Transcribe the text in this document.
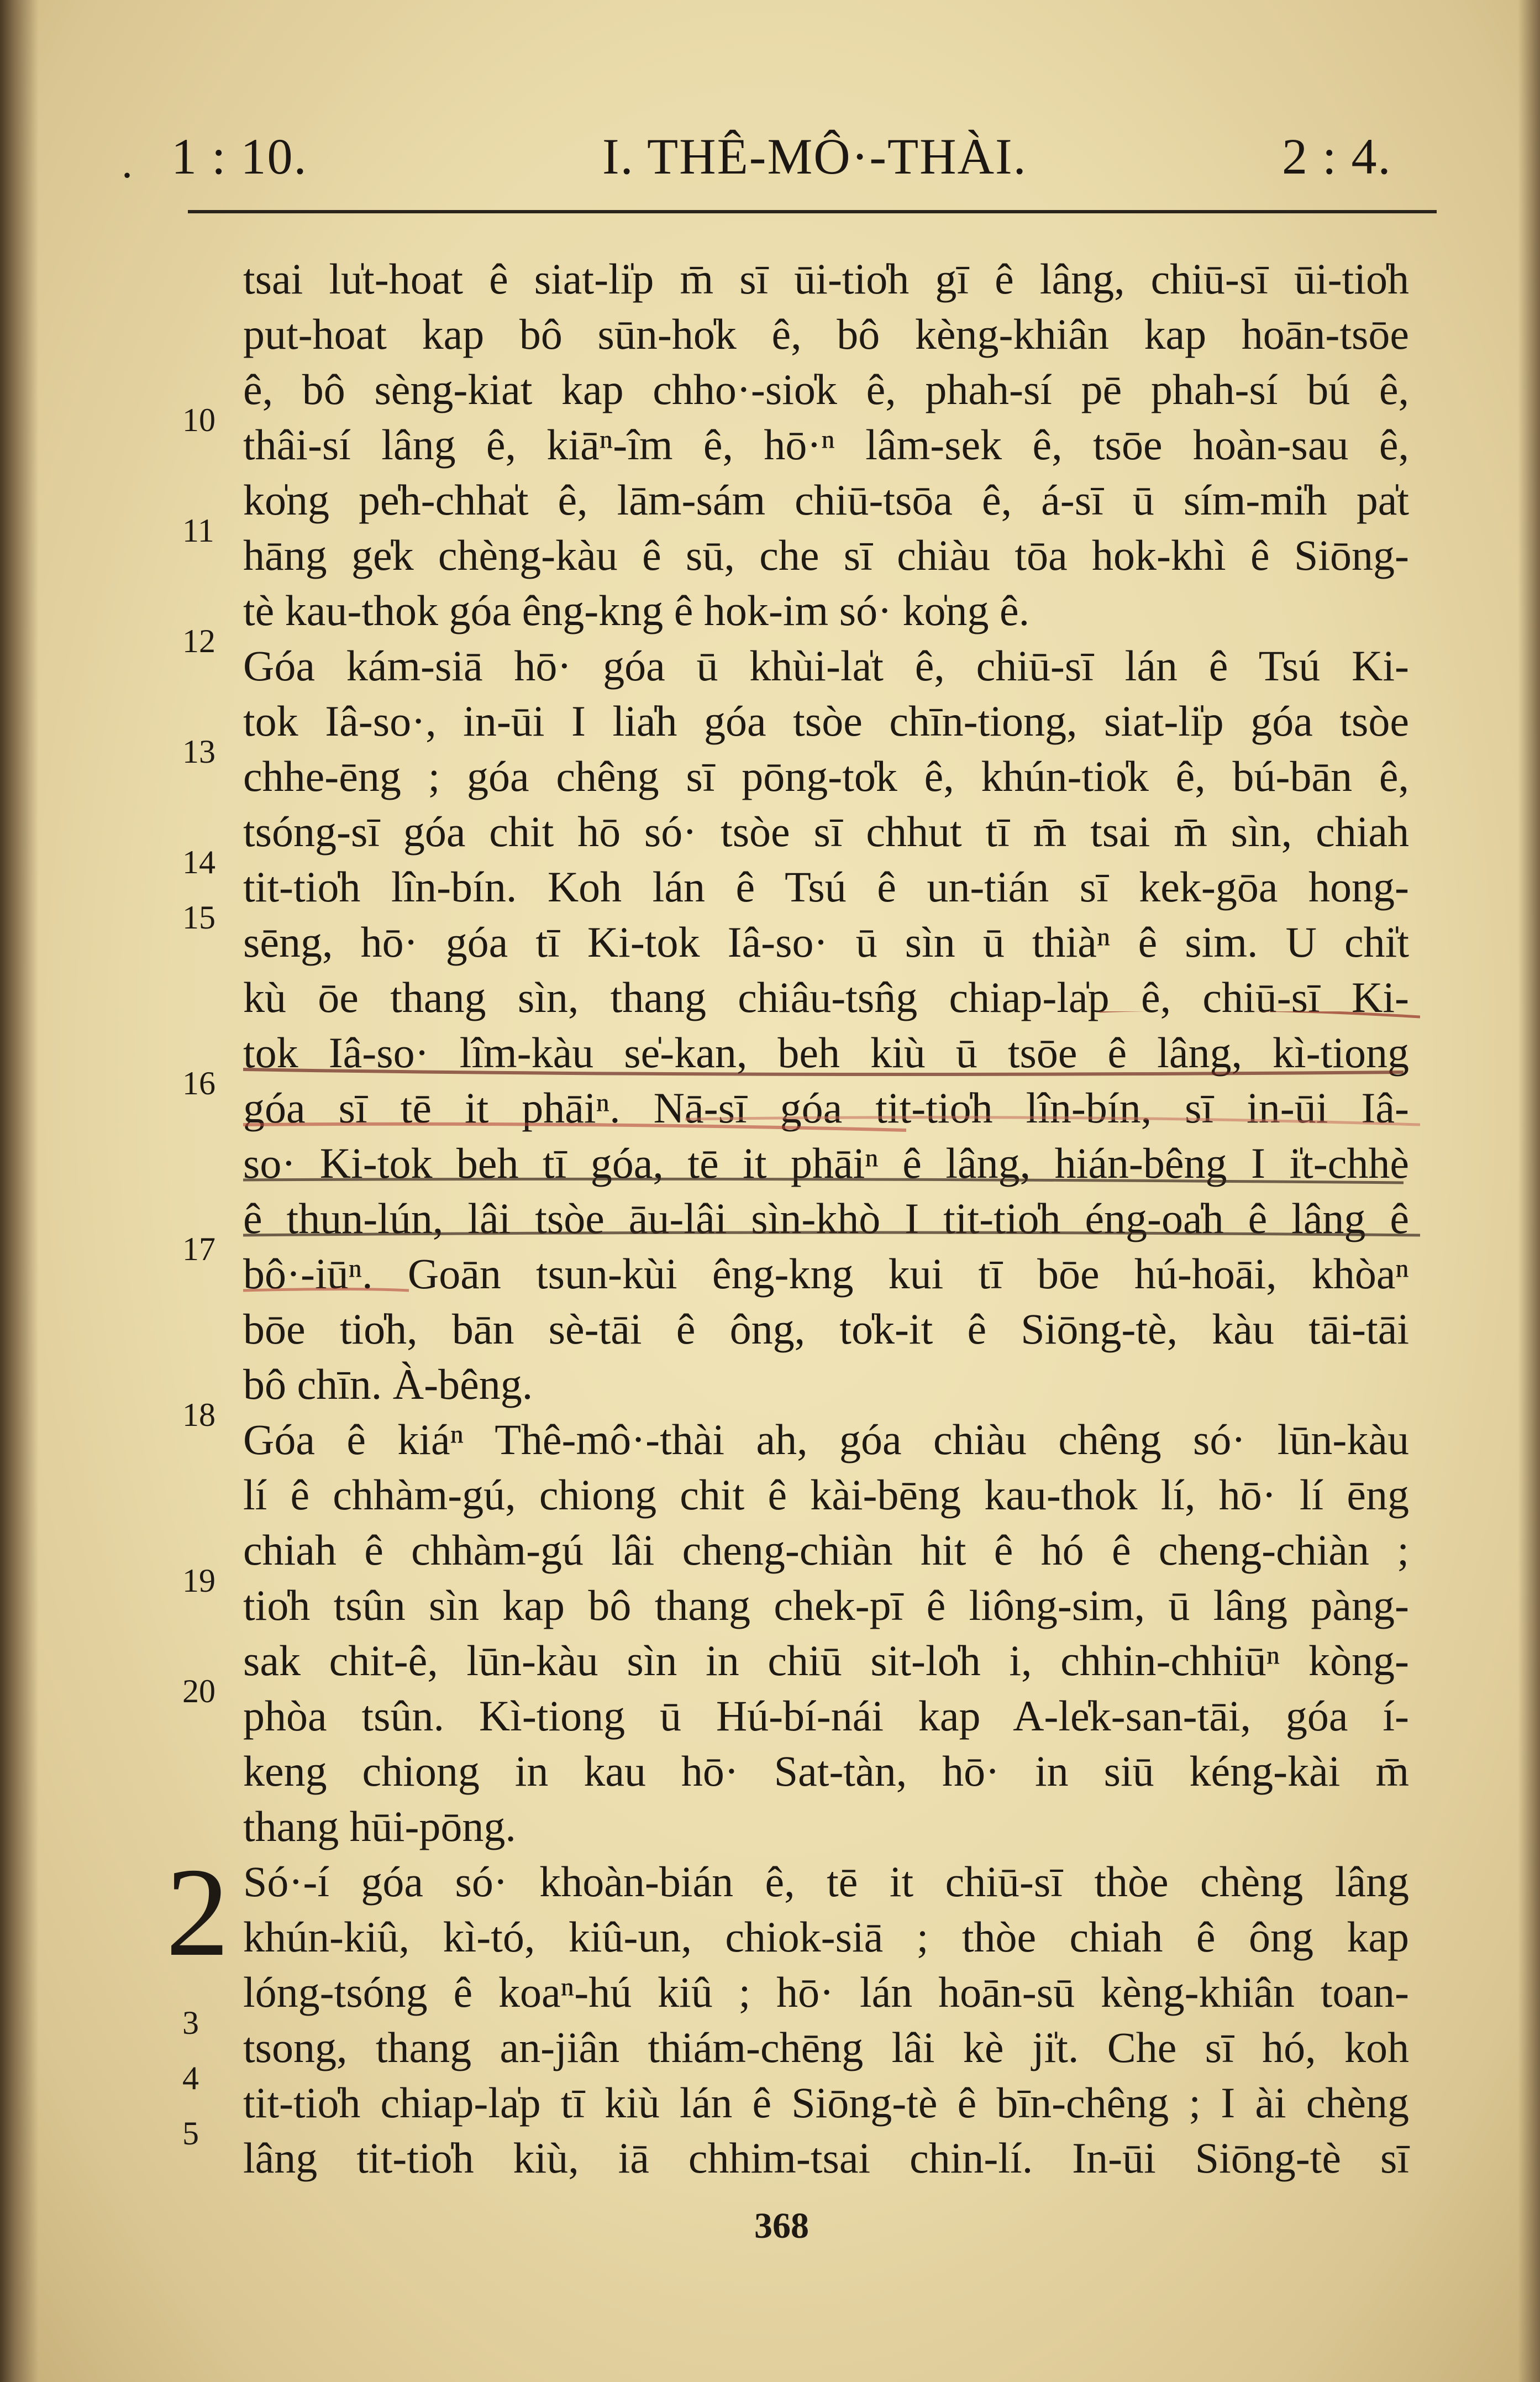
. 1 : 10.	I. THÊ-MÔ·-THÀI.	2 : 4.
tsai lu̍t-hoat ê siat-li̍p m̄ sī ūi-tio̍h gī ê lâng, chiū-sī ūi-tio̍h
put-hoat kap bô sūn-ho̍k ê, bô kèng-khiân kap hoān-tsōe
ê, bô sèng-kiat kap chho·-sio̍k ê, phah-sí pē phah-sí bú ê,
10
thâi-sí lâng ê, kiāⁿ-îm ê, hō·ⁿ lâm-sek ê, tsōe hoàn-sau ê,
ko̍ng pe̍h-chha̍t ê, lām-sám chiū-tsōa ê, á-sī ū sím-mi̍h pa̍t
11
hāng ge̍k chèng-kàu ê sū, che sī chiàu tōa hok-khì ê Siōng-
tè kau-thok góa êng-kng ê hok-im só· ko̍ng ê.
12
Góa kám-siā hō· góa ū khùi-la̍t ê, chiū-sī lán ê Tsú Ki-
tok Iâ-so·, in-ūi I lia̍h góa tsòe chīn-tiong, siat-li̍p góa tsòe
13
chhe-ēng ; góa chêng sī pōng-to̍k ê, khún-tio̍k ê, bú-bān ê,
tsóng-sī góa chit hō só· tsòe sī chhut tī m̄ tsai m̄ sìn, chiah
14
tit-tio̍h lîn-bín. Koh lán ê Tsú ê un-tián sī kek-gōa hong-
15
sēng, hō· góa tī Ki-tok Iâ-so· ū sìn ū thiàⁿ ê sim. U chi̍t
kù ōe thang sìn, thang chiâu-tsn̂g chiap-la̍p ê, chiū-sī Ki-
tok Iâ-so· lîm-kàu se̍-kan, beh kiù ū tsōe ê lâng, kì-tiong
16
góa sī tē it phāiⁿ. Nā-sī góa tit-tio̍h lîn-bín, sī in-ūi Iâ-
so· Ki-tok beh tī góa, tē it phāiⁿ ê lâng, hián-bêng I i̍t-chhè
ê thun-lún, lâi tsòe āu-lâi sìn-khò I tit-tio̍h éng-oa̍h ê lâng ê
17
bô·-iūⁿ. Goān tsun-kùi êng-kng kui tī bōe hú-hoāi, khòaⁿ
bōe tio̍h, bān sè-tāi ê ông, to̍k-it ê Siōng-tè, kàu tāi-tāi
bô chīn. À-bêng.
18
Góa ê kiáⁿ Thê-mô·-thài ah, góa chiàu chêng só· lūn-kàu
lí ê chhàm-gú, chiong chit ê kài-bēng kau-thok lí, hō· lí ēng
chiah ê chhàm-gú lâi cheng-chiàn hit ê hó ê cheng-chiàn ;
19
tio̍h tsûn sìn kap bô thang chek-pī ê liông-sim, ū lâng pàng-
sak chit-ê, lūn-kàu sìn in chiū sit-lo̍h i, chhin-chhiūⁿ kòng-
20
phòa tsûn. Kì-tiong ū Hú-bí-nái kap A-le̍k-san-tāi, góa í-
keng chiong in kau hō· Sat-tàn, hō· in siū kéng-kài m̄
thang hūi-pōng.
2 Só·-í góa só· khoàn-bián ê, tē it chiū-sī thòe chèng lâng
khún-kiû, kì-tó, kiû-un, chiok-siā ; thòe chiah ê ông kap
lóng-tsóng ê koaⁿ-hú kiû ; hō· lán hoān-sū kèng-khiân toan-
3
tsong, thang an-jiân thiám-chēng lâi kè ji̍t. Che sī hó, koh
4
tit-tio̍h chiap-la̍p tī kiù lán ê Siōng-tè ê bīn-chêng ; I ài chèng
5
lâng tit-tio̍h kiù, iā chhim-tsai chin-lí. In-ūi Siōng-tè sī
368
